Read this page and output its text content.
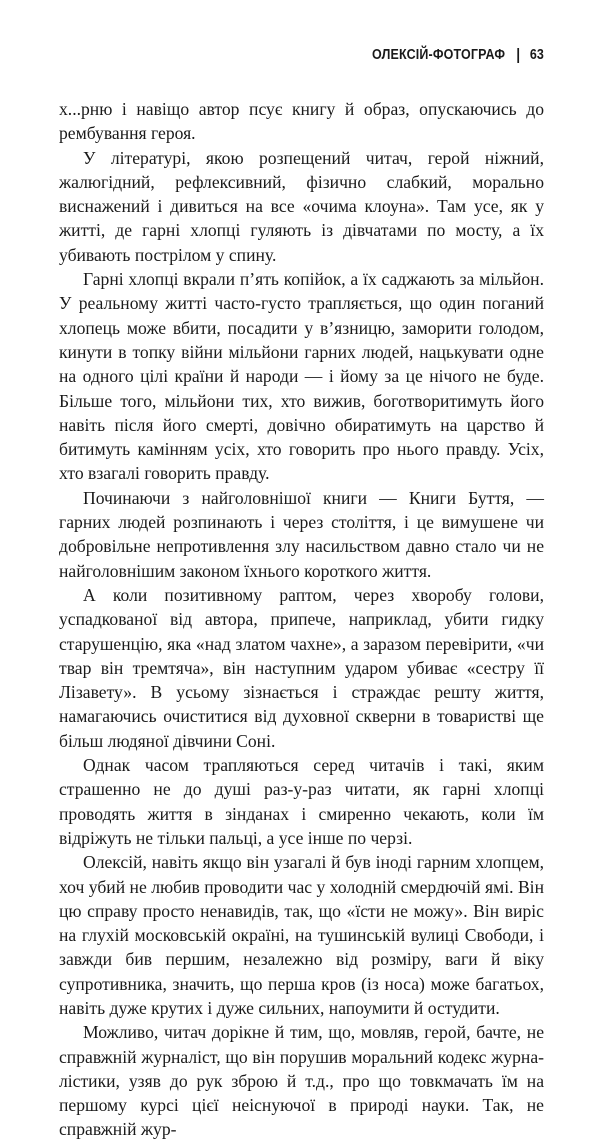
ОЛЕКСІЙ-ФОТОГРАФ 63

х...рню і навіщо автор псує книгу й образ, опускаючись до рембування героя.

У літературі, якою розпещений читач, герой ніжний, жалюгідний, рефлексивний, фізично слабкий, морально виснажений і дивиться на все «очима клоуна». Там усе, як у житті, де гарні хлопці гуляють із дівчатами по мосту, а їх убивають пострілом у спину.

Гарні хлопці вкрали п’ять копійок, а їх саджають за мільйон. У реальному житті часто-густо трапляється, що один поганий хлопець може вбити, посадити у в’язницю, заморити голодом, кинути в топку війни мільйони гарних людей, нацькувати одне на одного цілі країни й народи — і йому за це нічого не буде. Більше того, мільйони тих, хто вижив, боготворитимуть його навіть після його смерті, довічно обиратимуть на царство й битимуть камінням усіх, хто говорить про нього правду. Усіх, хто взагалі говорить правду.

Починаючи з найголовнішої книги — Книги Буття, — гарних людей розпинають і через століття, і це вимушене чи добровільне непротивлення злу насильством давно стало чи не найголовнішим законом їхнього короткого життя.

А коли позитивному раптом, через хворобу голови, успадкованої від автора, припече, наприклад, убити гидку старушенцію, яка «над златом чахне», а заразом перевірити, «чи твар він тремтяча», він наступним ударом убиває «сестру її Лізавету». В усьому зізнається і страждає решту життя, намагаючись очиститися від духовної скверни в товаристві ще більш людяної дівчини Соні.

Однак часом трапляються серед читачів і такі, яким страшенно не до душі раз-у-раз читати, як гарні хлопці проводять життя в зінданах і смиренно чекають, коли їм відріжуть не тільки пальці, а усе інше по черзі.

Олексій, навіть якщо він узагалі й був іноді гарним хлопцем, хоч убий не любив проводити час у холодній смердючій ямі. Він цю справу просто ненавидів, так, що «їсти не можу». Він виріс на глухій московській окраїні, на тушинській вулиці Свободи, і завжди бив першим, незалежно від розміру, ваги й віку супротивника, значить, що перша кров (із носа) може багатьох, навіть дуже крутих і дуже сильних, напоумити й остудити.

Можливо, читач дорікне й тим, що, мовляв, герой, бачте, не справжній журналіст, що він порушив моральний кодекс журналістики, узяв до рук зброю й т.д., про що товкмачать їм на першому курсі цієї неіснуючої в природі науки. Так, не справжній жур-
